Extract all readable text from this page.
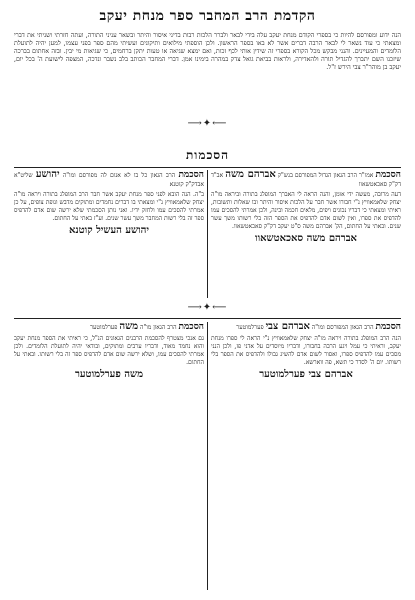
הקדמת הרב המחבר ספר מנחת יעקב
הנה ידוע ומפורסם להיות כי בספרי הקודם מנחת יעקב עלה בידי לבאר ולברר הלכות רבות בדיני איסור והיתר ובשאר עניני התורה, ועתה חזרתי ושניתי את דברי ומצאתי כי עוד נשאר לי לבאר הרבה דברים אשר לא באו בספר הראשון. ולכן הוספתי מילואים ותיקונים ועשיתי מהם ספר בפני עצמו, למען יהיה לתועלת הלומדים והמעיינים. והנני מבקש מכל הקורא בספרי זה שידין אותי לכף זכות, ואם ימצא שגיאה או טעות יתקן ברחמים, כי שגיאות מי יבין. ובזה אחתום בברכה שיזכנו השם יתברך להגדיל תורה ולהאדירה, ולראות בביאת גואל צדק במהרה בימינו אמן. דברי המחבר הכותב בלב נשבר ונדכה, המצפה לישועת ה' בכל יום, יעקב בן מוהר"ר צבי הירש ז"ל.
⟵✦⟶
הסכמות

הסכמת אמו"ר הרב הגאון הגדול המפורסם בנש"ק אברהם משה אב"ד דק"ק סאכאטשאוו

דעה מרובה, מעשה ידי אומן, והנה הראה לי האברך המופלג בתורה וביראה מו"ה יצחק שלאמאוויץ נ"י חבורו אשר חבר על הלכות איסור והיתר ובו שאלות ותשובות, ראיתי ומצאתי כי דבריו נכונים ויפים, מלאים חכמה ובינה, ולכן אמרתי להסכים עמו להדפיס את ספרו, ואין לשום אדם להדפיס את הספר הזה בלי רשותו משך עשר שנים. ובאתי על החתום, הק' אברהם משה ס"ט יעקב דק"ק סאכאטשאוו.

אברהם משה סאכאטשאוו

הסכמת הרב הגאון כל בו לא אנום לה מפורסם ומו"ה יהושע שליט"א אבדק"ק קוטנא

ב"ה. הנה הובא לפני ספר מנחת יעקב אשר חבר הרב המופלג בתורה ויראה מו"ה יצחק שלאמאוויץ נ"י ומצאתי בו דברים נחמדים ומתוקים מדבש ונופת צופים, על כן אמרתי להסכים עמו ולחזק ידיו. ואני נותן הסכמתי שלא ירשה שום אדם להדפיס ספר זה בלי רשות המחבר משך עשר שנים. וע"ז באתי על החתום.

יהושע העשיל קוטנא
⟵✦⟶

הסכמת הרב הגאון המפורסם ומו"ה אברהם צבי פערלמוטער

הנה הרב המופלג בתורה ויראה מו"ה יצחק שלאמאוויץ נ"י הראה לי ספרו מנחת יעקב, וראיתי כי עמל ויגע הרבה בחבורו, ודבריו מיוסדים על אדני פז, ולכן הנני מסכים עמו להדפיס ספרו, ואסור לשום אדם להשיג גבולו ולהדפיס את הספר בלי רשותו. יום ה' לסדר כי תשא, פה ווארשא.

אברהם צבי פערלמוטער

הסכמת הרב הגאון מו"ה משה פערלמוטער

גם אנכי מצטרף להסכמת הרבנים הגאונים הנ"ל, כי ראיתי את הספר מנחת יעקב והוא נחמד מאוד, ודבריו ערבים ומתוקים, ובודאי יהיה לתועלת הלומדים. ולכן אמרתי להסכים עמו, ושלא ירשה שום אדם להדפיס ספר זה בלי רשותו. ובאתי על החתום.

משה פערלמוטער
